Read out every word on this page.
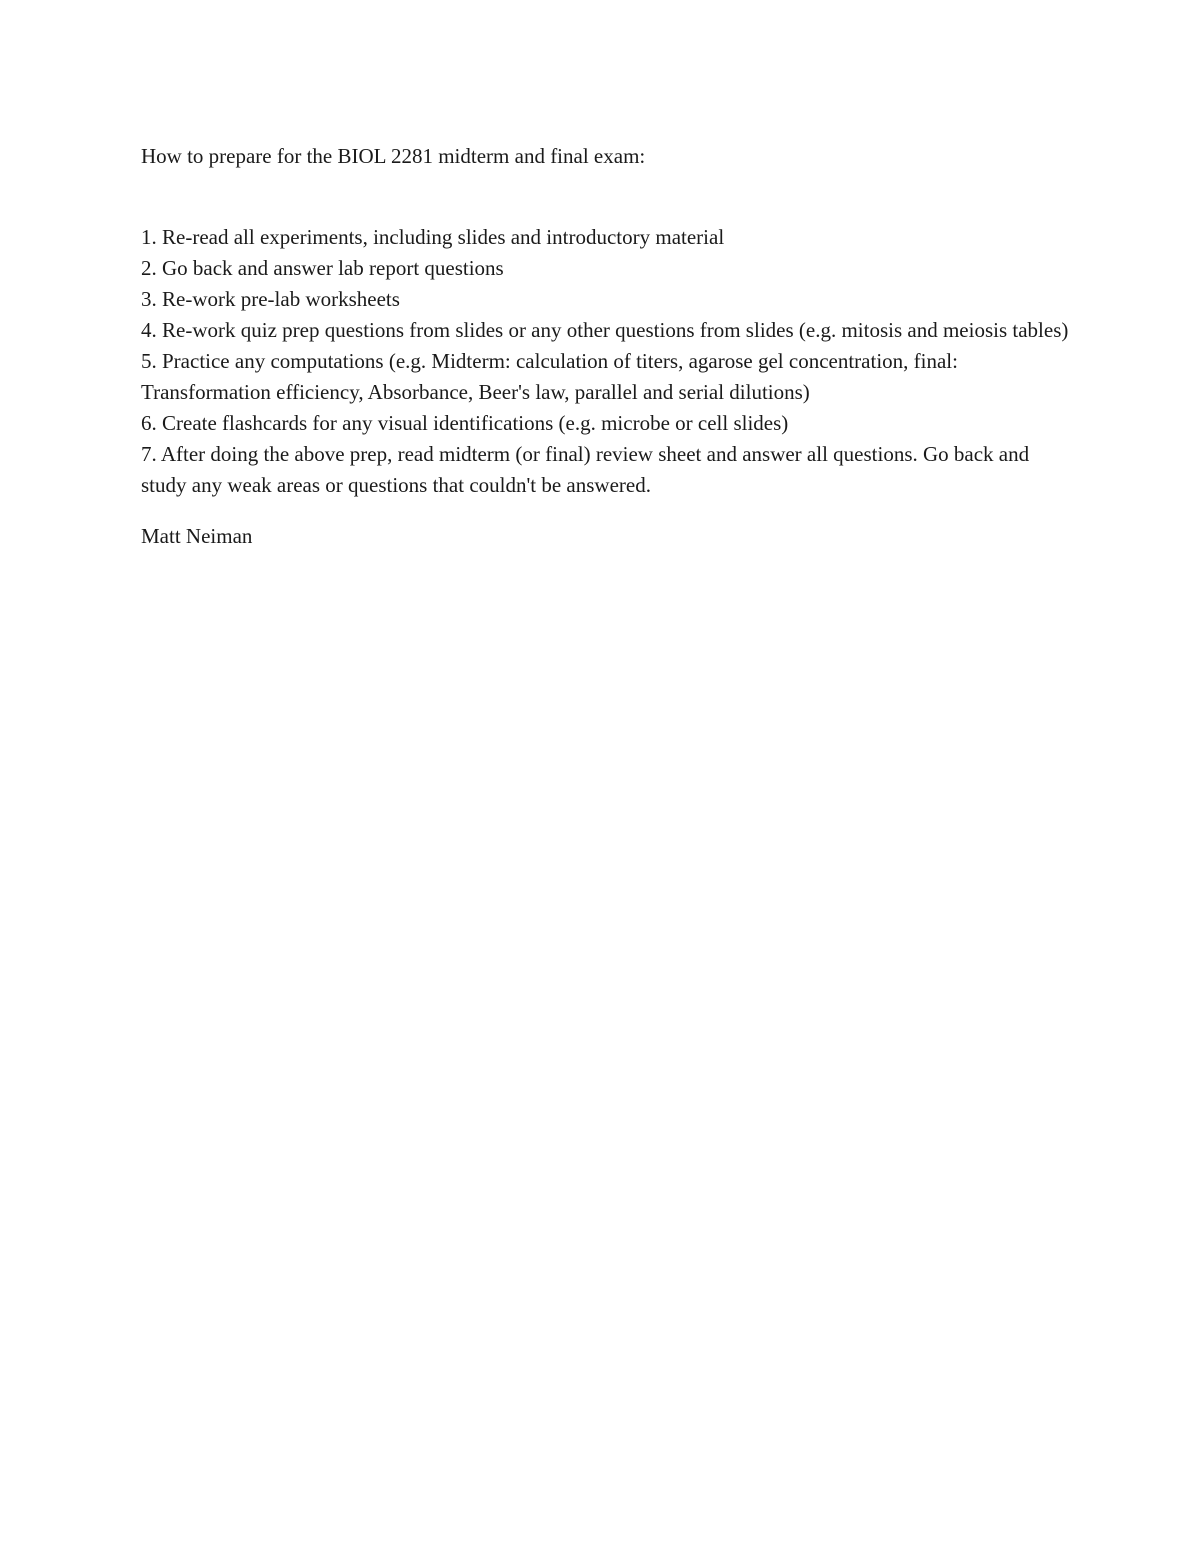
How to prepare for the BIOL 2281 midterm and final exam:

1. Re-read all experiments, including slides and introductory material
2. Go back and answer lab report questions
3. Re-work pre-lab worksheets
4. Re-work quiz prep questions from slides or any other questions from slides (e.g. mitosis and meiosis tables)
5. Practice any computations (e.g. Midterm: calculation of titers, agarose gel concentration, final: Transformation efficiency, Absorbance, Beer's law, parallel and serial dilutions)
6. Create flashcards for any visual identifications (e.g. microbe or cell slides)
7. After doing the above prep, read midterm (or final) review sheet and answer all questions. Go back and study any weak areas or questions that couldn't be answered.

Matt Neiman
